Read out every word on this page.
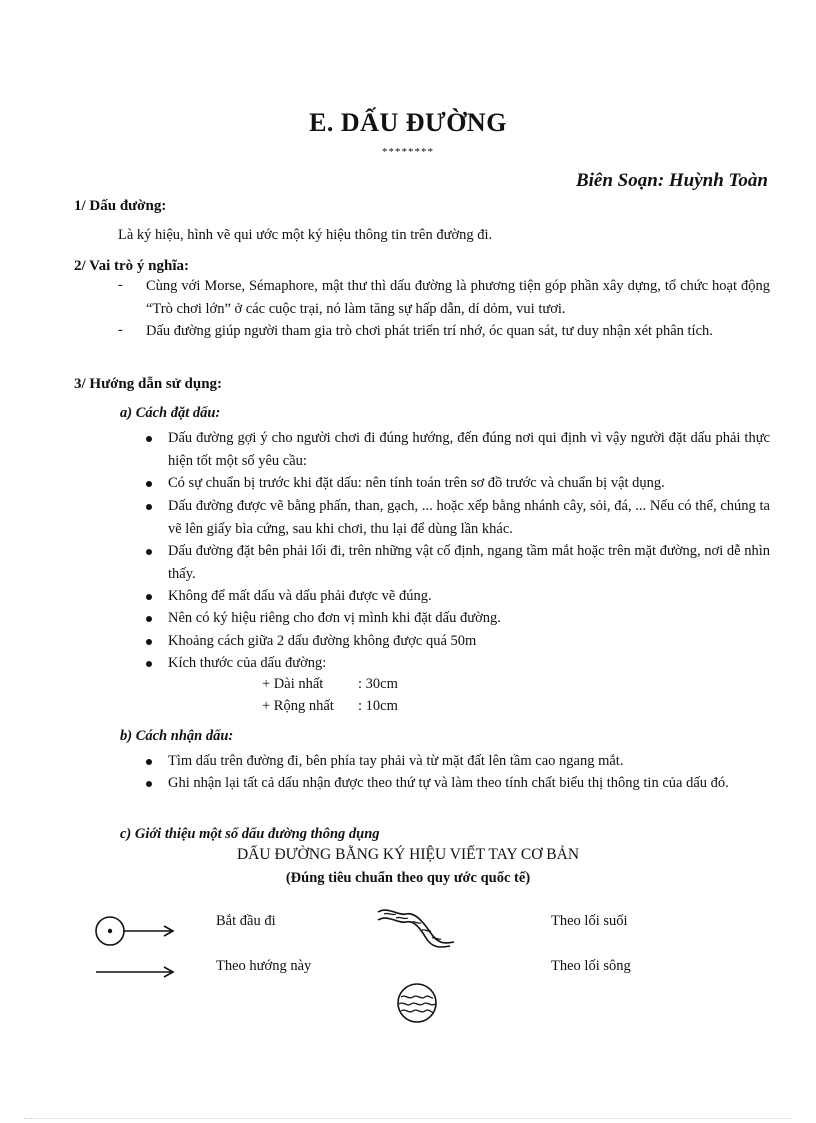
E. DẤU ĐƯỜNG
********
Biên Soạn: Huỳnh Toàn
1/ Dấu đường:
Là ký hiệu, hình vẽ qui ước một ký hiệu thông tin trên đường đi.
2/ Vai trò ý nghĩa:
- Cùng với Morse, Sémaphore, mật thư thì dấu đường là phương tiện góp phần xây dựng, tổ chức hoạt động “Trò chơi lớn” ở các cuộc trại, nó làm tăng sự hấp dẫn, dí dỏm, vui tươi.
- Dấu đường giúp người tham gia trò chơi phát triển trí nhớ, óc quan sát, tư duy nhận xét phân tích.
3/ Hướng dẫn sử dụng:
a) Cách đặt dấu:
Dấu đường gợi ý cho người chơi đi đúng hướng, đến đúng nơi qui định vì vậy người đặt dấu phải thực hiện tốt một số yêu cầu:
Có sự chuẩn bị trước khi đặt dấu: nên tính toán trên sơ đồ trước và chuẩn bị vật dụng.
Dấu đường được vẽ bằng phấn, than, gạch, ... hoặc xếp bằng nhánh cây, sỏi, đá, ... Nếu có thể, chúng ta vẽ lên giấy bìa cứng, sau khi chơi, thu lại để dùng lần khác.
Dấu đường đặt bên phải lối đi, trên những vật cố định, ngang tầm mắt hoặc trên mặt đường, nơi dễ nhìn thấy.
Không để mất dấu và dấu phải được vẽ đúng.
Nên có ký hiệu riêng cho đơn vị mình khi đặt dấu đường.
Khoảng cách giữa 2 dấu đường không được quá 50m
Kích thước của dấu đường:
+ Dài nhất : 30cm
+ Rộng nhất : 10cm
b) Cách nhận dấu:
Tìm dấu trên đường đi, bên phía tay phải và từ mặt đất lên tầm cao ngang mắt.
Ghi nhận lại tất cả dấu nhận được theo thứ tự và làm theo tính chất biểu thị thông tin của dấu đó.
c) Giới thiệu một số dấu đường thông dụng
DẤU ĐƯỜNG BẰNG KÝ HIỆU VIẾT TAY CƠ BẢN
(Đúng tiêu chuẩn theo quy ước quốc tế)
Bắt đầu đi	Theo lối suối
Theo hướng này	Theo lối sông
